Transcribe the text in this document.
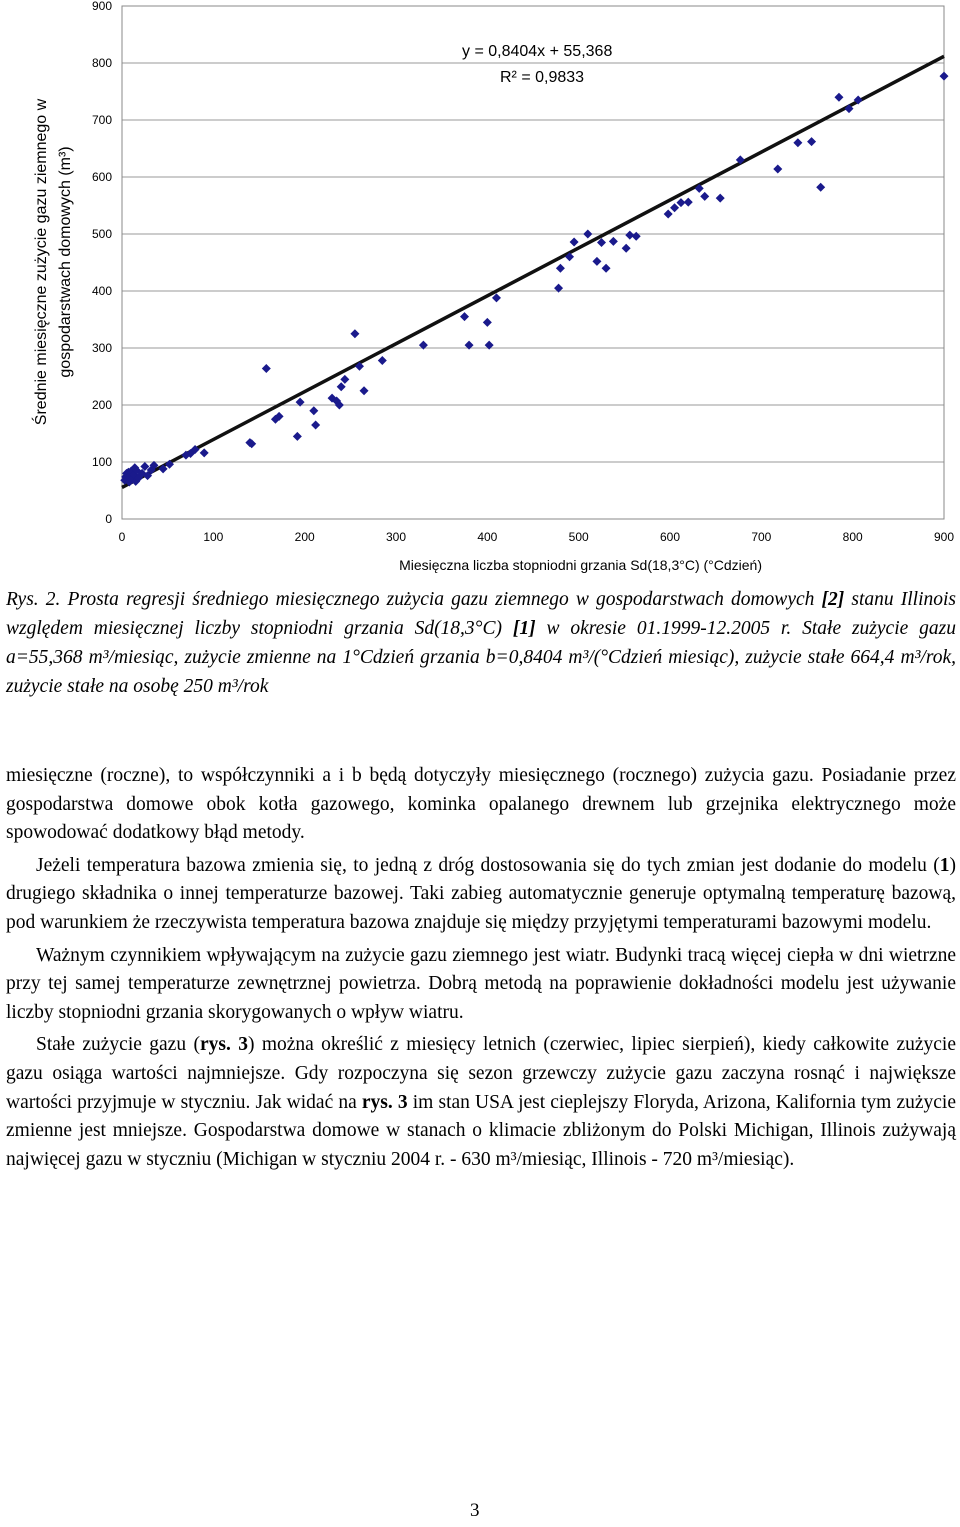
0
100
200
300
400
500
600
700
800
900
0	100	200	300	400	500	600	700	800	900
y = 0,8404x + 55,368
R² = 0,9833
Miesięczna liczba stopniodni grzania Sd(18,3°C) (°Cdzień)
Średnie miesięczne zużycie gazu ziemnego w gospodarstwach domowych (m³)
Rys. 2. Prosta regresji średniego miesięcznego zużycia gazu ziemnego w gospodarstwach domowych [2] stanu Illinois względem miesięcznej liczby stopniodni grzania Sd(18,3°C) [1] w okresie 01.1999-12.2005 r. Stałe zużycie gazu a=55,368 m³/miesiąc, zużycie zmienne na 1°Cdzień grzania b=0,8404 m³/(°Cdzień miesiąc), zużycie stałe 664,4 m³/rok, zużycie stałe na osobę 250 m³/rok

miesięczne (roczne), to współczynniki a i b będą dotyczyły miesięcznego (rocznego) zużycia gazu. Posiadanie przez gospodarstwa domowe obok kotła gazowego, kominka opalanego drewnem lub grzejnika elektrycznego może spowodować dodatkowy błąd metody.

Jeżeli temperatura bazowa zmienia się, to jedną z dróg dostosowania się do tych zmian jest dodanie do modelu (1) drugiego składnika o innej temperaturze bazowej. Taki zabieg automatycznie generuje optymalną temperaturę bazową, pod warunkiem że rzeczywista temperatura bazowa znajduje się między przyjętymi temperaturami bazowymi modelu.

Ważnym czynnikiem wpływającym na zużycie gazu ziemnego jest wiatr. Budynki tracą więcej ciepła w dni wietrzne przy tej samej temperaturze zewnętrznej powietrza. Dobrą metodą na poprawienie dokładności modelu jest używanie liczby stopniodni grzania skorygowanych o wpływ wiatru.

Stałe zużycie gazu (rys. 3) można określić z miesięcy letnich (czerwiec, lipiec sierpień), kiedy całkowite zużycie gazu osiąga wartości najmniejsze. Gdy rozpoczyna się sezon grzewczy zużycie gazu zaczyna rosnąć i największe wartości przyjmuje w styczniu. Jak widać na rys. 3 im stan USA jest cieplejszy Floryda, Arizona, Kalifornia tym zużycie zmienne jest mniejsze. Gospodarstwa domowe w stanach o klimacie zbliżonym do Polski Michigan, Illinois zużywają najwięcej gazu w styczniu (Michigan w styczniu 2004 r. - 630 m³/miesiąc, Illinois - 720 m³/miesiąc).

3
